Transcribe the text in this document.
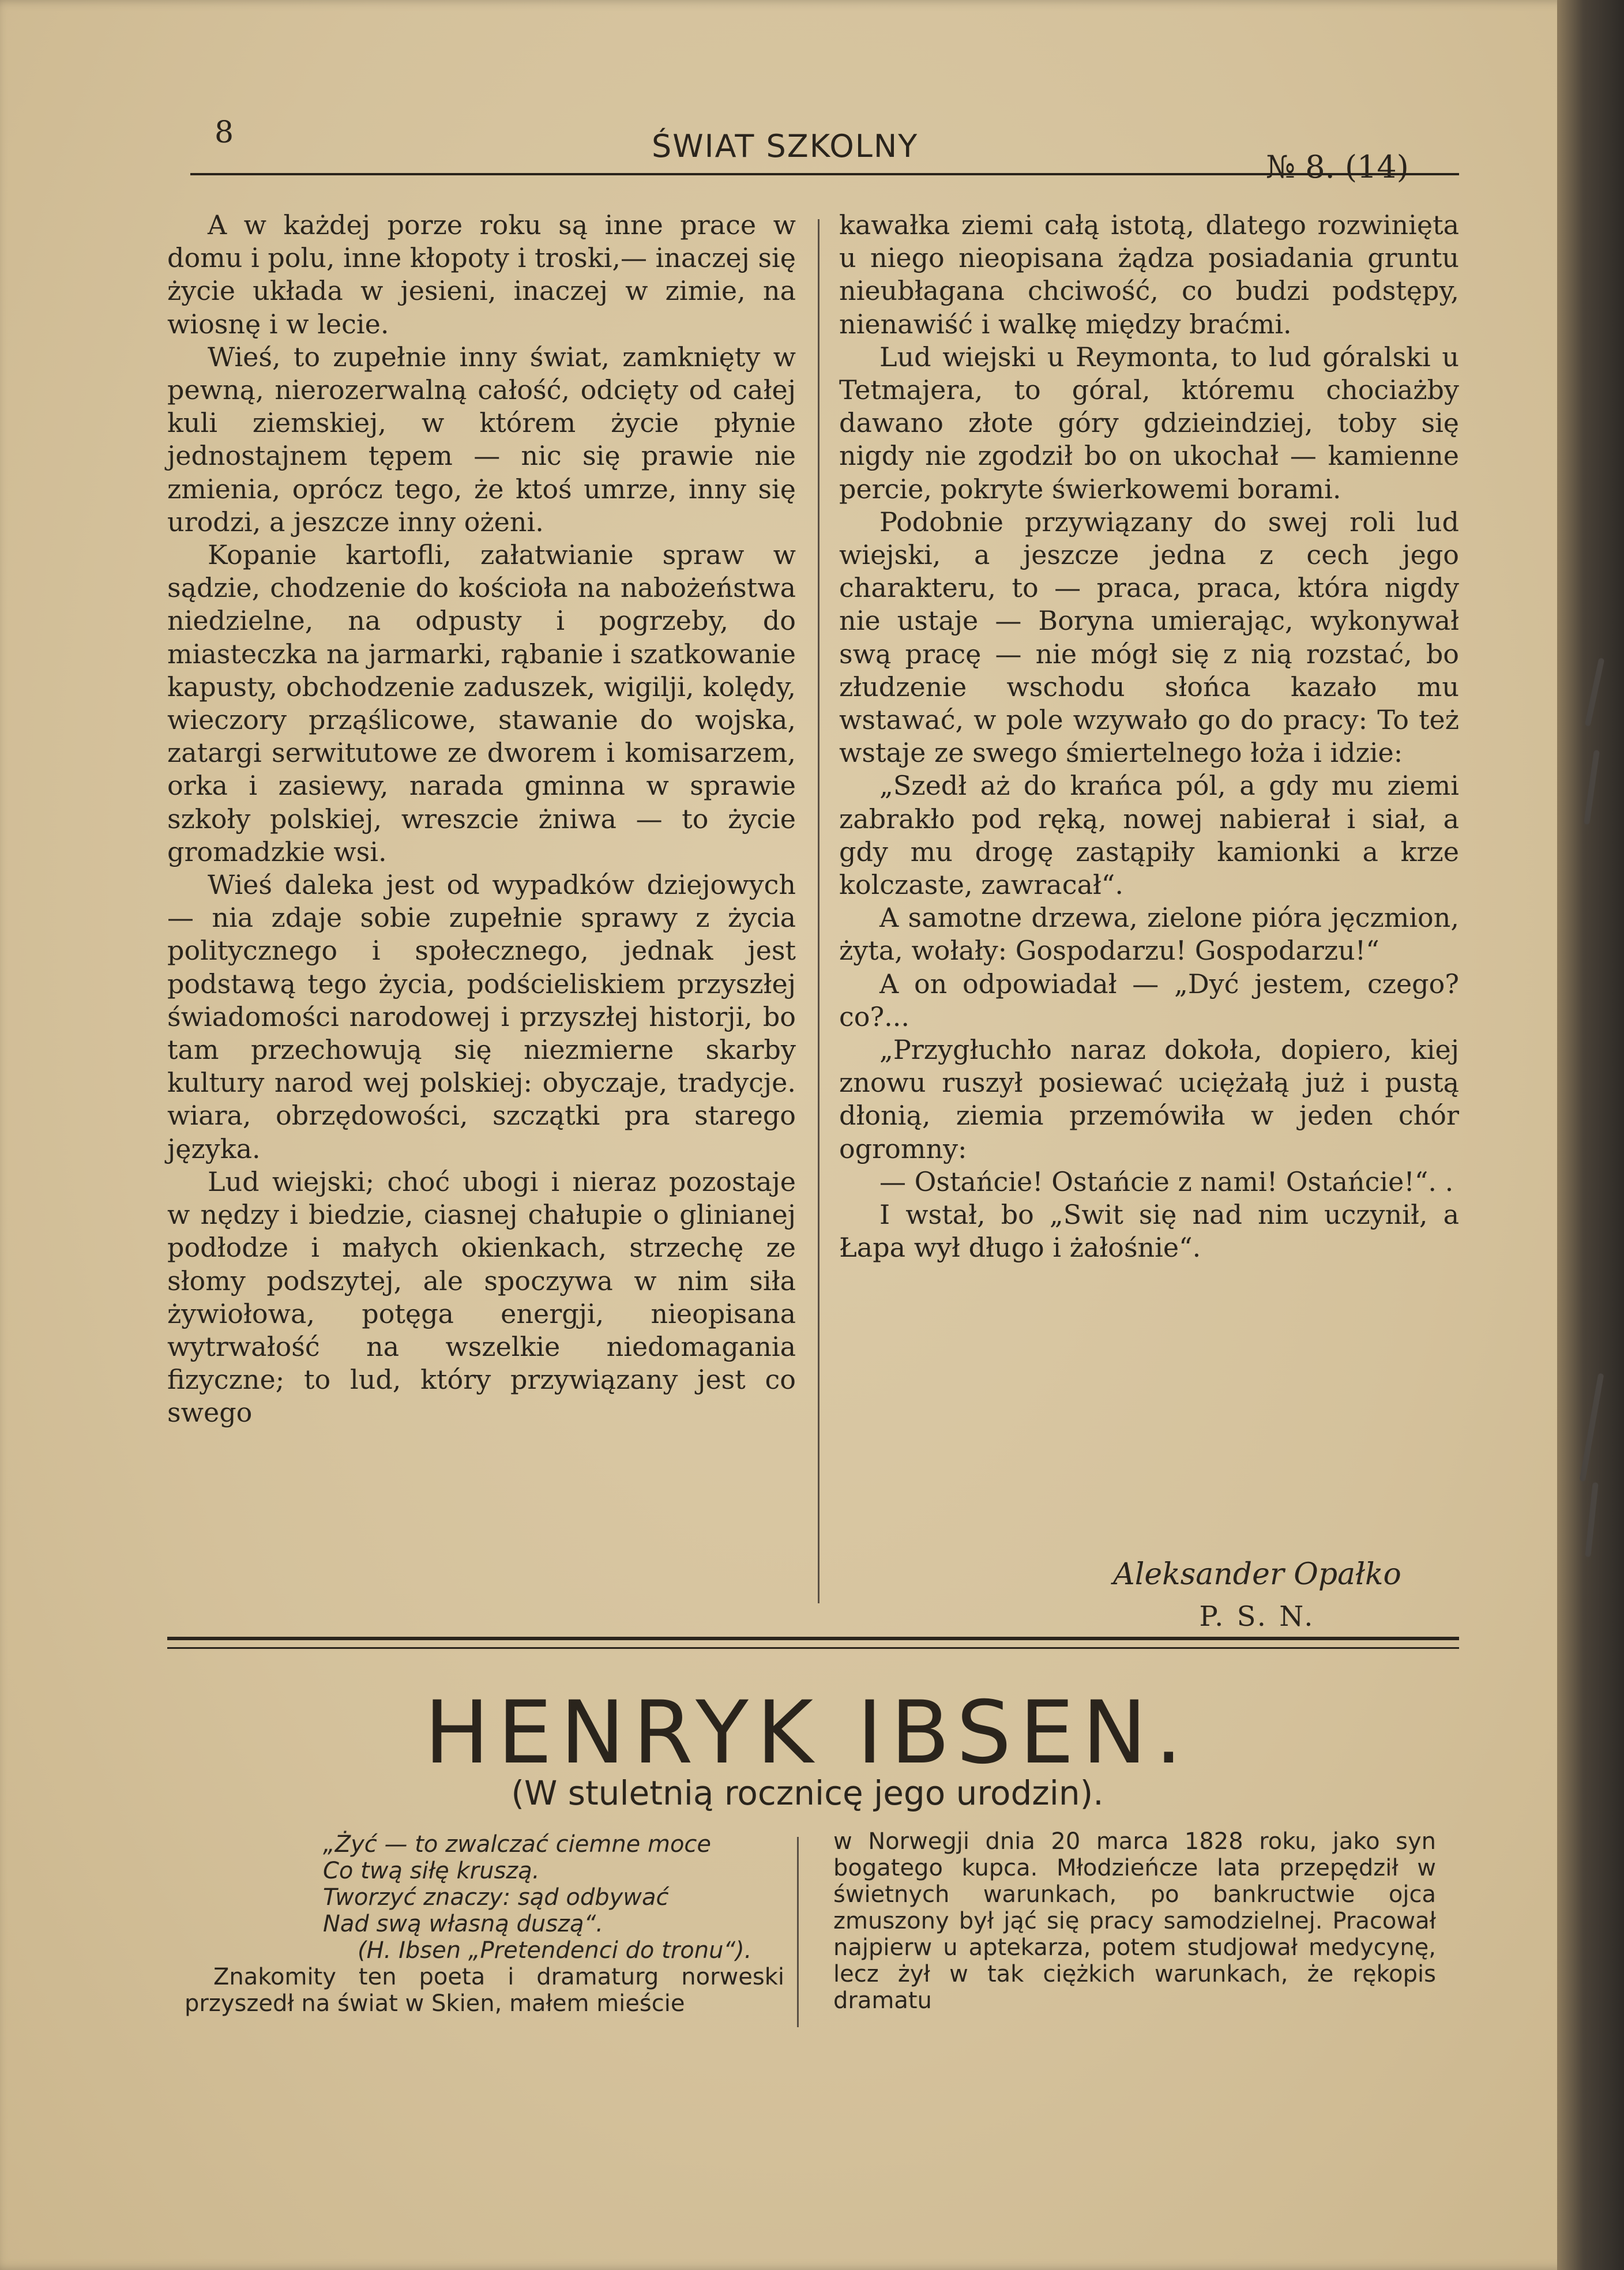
8	ŚWIAT SZKOLNY
№ 8. (14)

A w każdej porze roku są inne prace w domu i polu, inne kłopoty i troski,— inaczej się życie układa w jesieni, inaczej w zimie, na wiosnę i w lecie.

Wieś, to zupełnie inny świat, zamknięty w pewną, nierozerwalną całość, odcięty od całej kuli ziemskiej, w którem życie płynie jednostajnem tępem — nic się prawie nie zmienia, oprócz tego, że ktoś umrze, inny się urodzi, a jeszcze inny ożeni.

Kopanie kartofli, załatwianie spraw w sądzie, chodzenie do kościoła na nabożeństwa niedzielne, na odpusty i pogrzeby, do miasteczka na jarmarki, rąbanie i szatkowanie kapusty, obchodzenie zaduszek, wigilji, kolędy, wieczory prząślicowe, stawanie do wojska, zatargi serwitutowe ze dworem i komisarzem, orka i zasiewy, narada gminna w sprawie szkoły polskiej, wreszcie żniwa — to życie gromadzkie wsi.

Wieś daleka jest od wypadków dziejowych — nia zdaje sobie zupełnie sprawy z życia politycznego i społecznego, jednak jest podstawą tego życia, podścieliskiem przyszłej świadomości narodowej i przyszłej historji, bo tam przechowują się niezmierne skarby kultury narod wej polskiej: obyczaje, tradycje. wiara, obrzędowości, szczątki pra starego języka.

Lud wiejski; choć ubogi i nieraz pozostaje w nędzy i biedzie, ciasnej chałupie o glinianej podłodze i małych okienkach, strzechę ze słomy podszytej, ale spoczywa w nim siła żywiołowa, potęga energji, nieopisana wytrwałość na wszelkie niedomagania fizyczne; to lud, który przywiązany jest co swego

kawałka ziemi całą istotą, dlatego rozwinięta u niego nieopisana żądza posiadania gruntu nieubłagana chciwość, co budzi podstępy, nienawiść i walkę między braćmi.

Lud wiejski u Reymonta, to lud góralski u Tetmajera, to góral, któremu chociażby dawano złote góry gdzieindziej, toby się nigdy nie zgodził bo on ukochał — kamienne percie, pokryte świerkowemi borami.

Podobnie przywiązany do swej roli lud wiejski, a jeszcze jedna z cech jego charakteru, to — praca, praca, która nigdy nie ustaje — Boryna umierając, wykonywał swą pracę — nie mógł się z nią rozstać, bo złudzenie wschodu słońca kazało mu wstawać, w pole wzywało go do pracy: To też wstaje ze swego śmiertelnego łoża i idzie:

„Szedł aż do krańca pól, a gdy mu ziemi zabrakło pod ręką, nowej nabierał i siał, a gdy mu drogę zastąpiły kamionki a krze kolczaste, zawracał“.

A samotne drzewa, zielone pióra jęczmion, żyta, wołały: Gospodarzu! Gospodarzu!“

A on odpowiadał — „Dyć jestem, czego? co?...

„Przygłuchło naraz dokoła, dopiero, kiej znowu ruszył posiewać uciężałą już i pustą dłonią, ziemia przemówiła w jeden chór ogromny:

— Ostańcie! Ostańcie z nami! Ostańcie!“. .

I wstał, bo „Swit się nad nim uczynił, a Łapa wył długo i żałośnie“.

Aleksander Opałko
P. S. N.
HENRYK IBSEN.
(W stuletnią rocznicę jego urodzin).
„Żyć — to zwalczać ciemne moce
Co twą siłę kruszą.
Tworzyć znaczy: sąd odbywać
Nad swą własną duszą“.
(H. Ibsen „Pretendenci do tronu“).

Znakomity ten poeta i dramaturg norweski przyszedł na świat w Skien, małem mieście

w Norwegji dnia 20 marca 1828 roku, jako syn bogatego kupca. Młodzieńcze lata przepędził w świetnych warunkach, po bankructwie ojca zmuszony był jąć się pracy samodzielnej. Pracował najpierw u aptekarza, potem studjował medycynę, lecz żył w tak ciężkich warunkach, że rękopis dramatu
